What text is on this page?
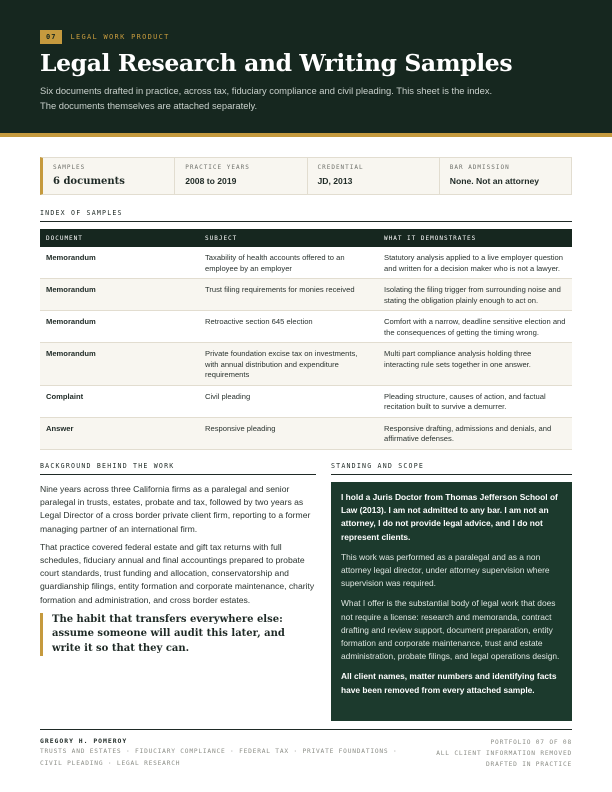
07	LEGAL WORK PRODUCT
Legal Research and Writing Samples
Six documents drafted in practice, across tax, fiduciary compliance and civil pleading. This sheet is the index. The documents themselves are attached separately.
SAMPLES
6 documents
PRACTICE YEARS
2008 to 2019
CREDENTIAL
JD, 2013
BAR ADMISSION
None. Not an attorney
INDEX OF SAMPLES
DOCUMENT	SUBJECT	WHAT IT DEMONSTRATES
Memorandum	Taxability of health accounts offered to an employee by an employer	Statutory analysis applied to a live employer question and written for a decision maker who is not a lawyer.
Memorandum	Trust filing requirements for monies received	Isolating the filing trigger from surrounding noise and stating the obligation plainly enough to act on.
Memorandum	Retroactive section 645 election	Comfort with a narrow, deadline sensitive election and the consequences of getting the timing wrong.
Memorandum	Private foundation excise tax on investments, with annual distribution and expenditure requirements	Multi part compliance analysis holding three interacting rule sets together in one answer.
Complaint	Civil pleading	Pleading structure, causes of action, and factual recitation built to survive a demurrer.
Answer	Responsive pleading	Responsive drafting, admissions and denials, and affirmative defenses.
BACKGROUND BEHIND THE WORK

Nine years across three California firms as a paralegal and senior paralegal in trusts, estates, probate and tax, followed by two years as Legal Director of a cross border private client firm, reporting to a former managing partner of an international firm.

That practice covered federal estate and gift tax returns with full schedules, fiduciary annual and final accountings prepared to probate court standards, trust funding and allocation, conservatorship and guardianship filings, entity formation and corporate maintenance, charity formation and administration, and cross border estates.

The habit that transfers everywhere else: assume someone will audit this later, and write it so that they can.
STANDING AND SCOPE

I hold a Juris Doctor from Thomas Jefferson School of Law (2013). I am not admitted to any bar. I am not an attorney, I do not provide legal advice, and I do not represent clients.

This work was performed as a paralegal and as a non attorney legal director, under attorney supervision where supervision was required.

What I offer is the substantial body of legal work that does not require a license: research and memoranda, contract drafting and review support, document preparation, entity formation and corporate maintenance, trust and estate administration, probate filings, and legal operations design.

All client names, matter numbers and identifying facts have been removed from every attached sample.

GREGORY H. POMEROY
TRUSTS AND ESTATES · FIDUCIARY COMPLIANCE · FEDERAL TAX · PRIVATE FOUNDATIONS · CIVIL PLEADING · LEGAL RESEARCH
PORTFOLIO 07 OF 08
ALL CLIENT INFORMATION REMOVED
DRAFTED IN PRACTICE
